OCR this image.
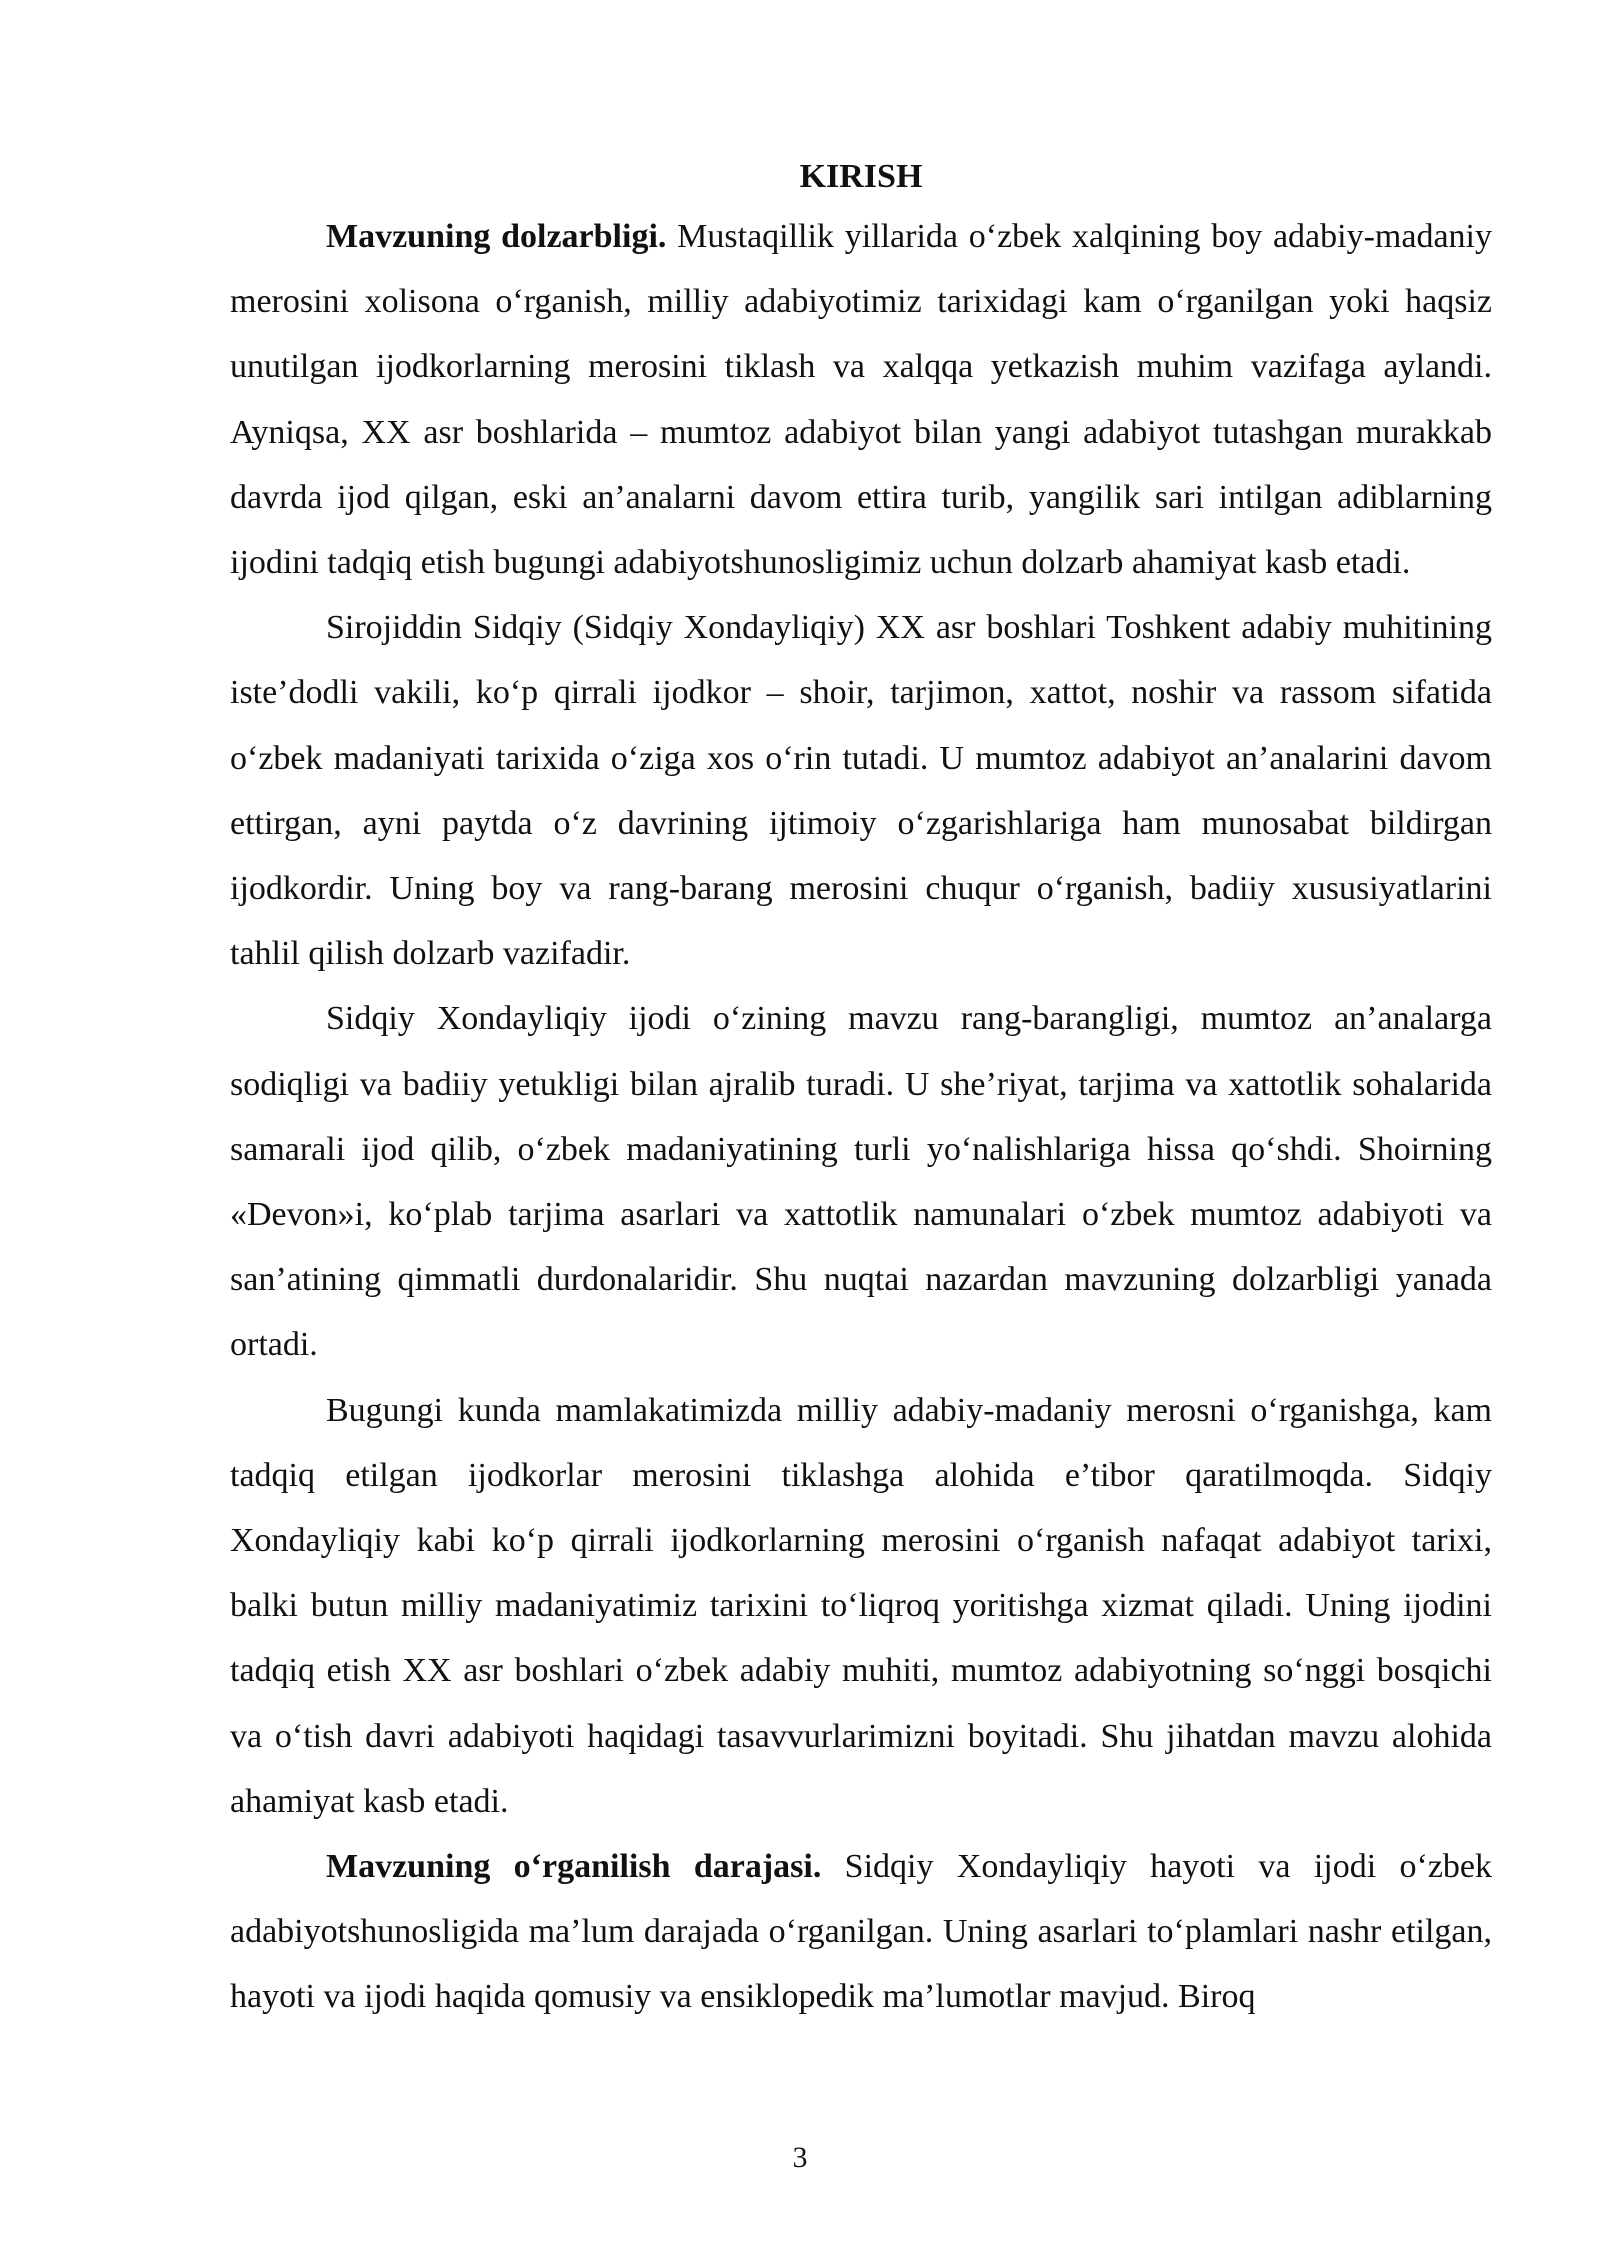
KIRISH

Mavzuning dolzarbligi. Mustaqillik yillarida o‘zbek xalqining boy adabiy-madaniy merosini xolisona o‘rganish, milliy adabiyotimiz tarixidagi kam o‘rganilgan yoki haqsiz unutilgan ijodkorlarning merosini tiklash va xalqqa yetkazish muhim vazifaga aylandi. Ayniqsa, XX asr boshlarida – mumtoz adabiyot bilan yangi adabiyot tutashgan murakkab davrda ijod qilgan, eski an’analarni davom ettira turib, yangilik sari intilgan adiblarning ijodini tadqiq etish bugungi adabiyotshunosligimiz uchun dolzarb ahamiyat kasb etadi.

Sirojiddin Sidqiy (Sidqiy Xondayliqiy) XX asr boshlari Toshkent adabiy muhitining iste’dodli vakili, ko‘p qirrali ijodkor – shoir, tarjimon, xattot, noshir va rassom sifatida o‘zbek madaniyati tarixida o‘ziga xos o‘rin tutadi. U mumtoz adabiyot an’analarini davom ettirgan, ayni paytda o‘z davrining ijtimoiy o‘zgarishlariga ham munosabat bildirgan ijodkordir. Uning boy va rang-barang merosini chuqur o‘rganish, badiiy xususiyatlarini tahlil qilish dolzarb vazifadir.

Sidqiy Xondayliqiy ijodi o‘zining mavzu rang-barangligi, mumtoz an’analarga sodiqligi va badiiy yetukligi bilan ajralib turadi. U she’riyat, tarjima va xattotlik sohalarida samarali ijod qilib, o‘zbek madaniyatining turli yo‘nalishlariga hissa qo‘shdi. Shoirning «Devon»i, ko‘plab tarjima asarlari va xattotlik namunalari o‘zbek mumtoz adabiyoti va san’atining qimmatli durdonalaridir. Shu nuqtai nazardan mavzuning dolzarbligi yanada ortadi.

Bugungi kunda mamlakatimizda milliy adabiy-madaniy merosni o‘rganishga, kam tadqiq etilgan ijodkorlar merosini tiklashga alohida e’tibor qaratilmoqda. Sidqiy Xondayliqiy kabi ko‘p qirrali ijodkorlarning merosini o‘rganish nafaqat adabiyot tarixi, balki butun milliy madaniyatimiz tarixini to‘liqroq yoritishga xizmat qiladi. Uning ijodini tadqiq etish XX asr boshlari o‘zbek adabiy muhiti, mumtoz adabiyotning so‘nggi bosqichi va o‘tish davri adabiyoti haqidagi tasavvurlarimizni boyitadi. Shu jihatdan mavzu alohida ahamiyat kasb etadi.

Mavzuning o‘rganilish darajasi. Sidqiy Xondayliqiy hayoti va ijodi o‘zbek adabiyotshunosligida ma’lum darajada o‘rganilgan. Uning asarlari to‘plamlari nashr etilgan, hayoti va ijodi haqida qomusiy va ensiklopedik ma’lumotlar mavjud. Biroq

3
